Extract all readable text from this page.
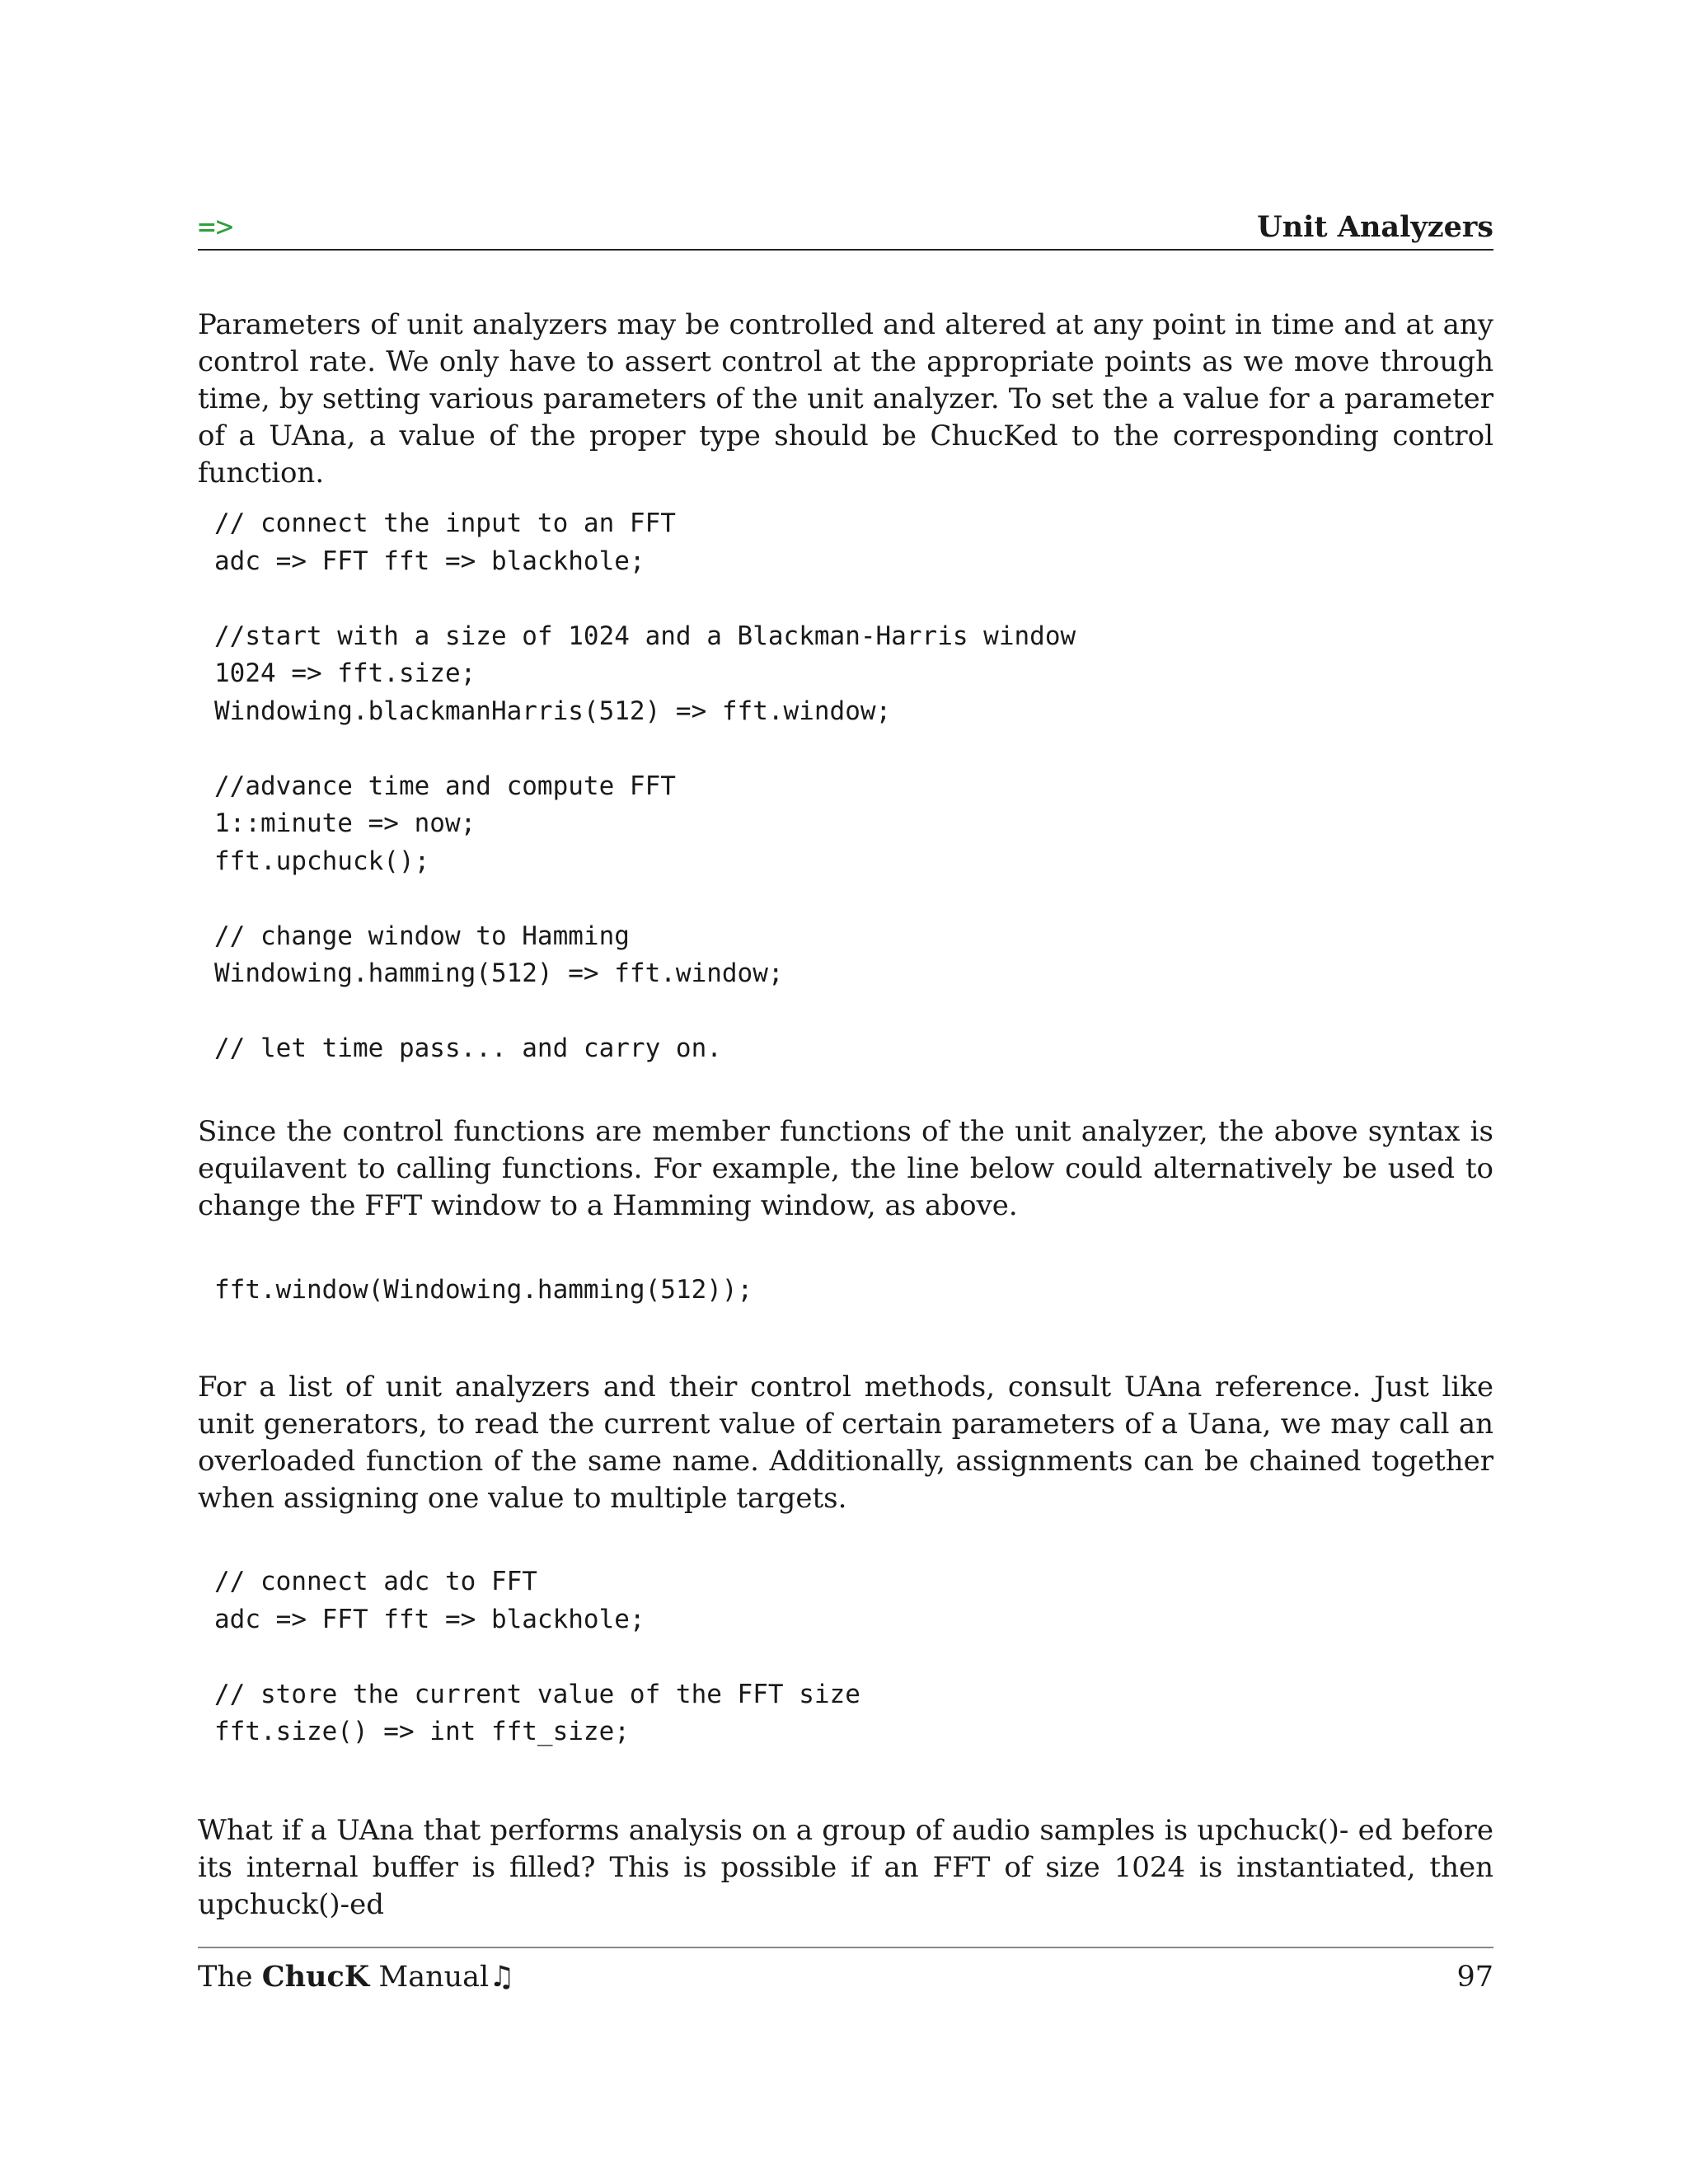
=>	Unit Analyzers

Parameters of unit analyzers may be controlled and altered at any point in time and at any control rate. We only have to assert control at the appropriate points as we move through time, by setting various parameters of the unit analyzer. To set the a value for a parameter of a UAna, a value of the proper type should be ChucKed to the corresponding control function.

// connect the input to an FFT
adc => FFT fft => blackhole;

//start with a size of 1024 and a Blackman-Harris window
1024 => fft.size;
Windowing.blackmanHarris(512) => fft.window;

//advance time and compute FFT
1::minute => now;
fft.upchuck();

// change window to Hamming
Windowing.hamming(512) => fft.window;

// let time pass... and carry on.

Since the control functions are member functions of the unit analyzer, the above syntax is equilavent to calling functions. For example, the line below could alternatively be used to change the FFT window to a Hamming window, as above.

fft.window(Windowing.hamming(512));

For a list of unit analyzers and their control methods, consult UAna reference. Just like unit generators, to read the current value of certain parameters of a Uana, we may call an overloaded function of the same name. Additionally, assignments can be chained together when assigning one value to multiple targets.

// connect adc to FFT
adc => FFT fft => blackhole;

// store the current value of the FFT size
fft.size() => int fft_size;

What if a UAna that performs analysis on a group of audio samples is upchuck()- ed before its internal buffer is filled? This is possible if an FFT of size 1024 is instantiated, then upchuck()-ed

The ChucK Manual♫	97
